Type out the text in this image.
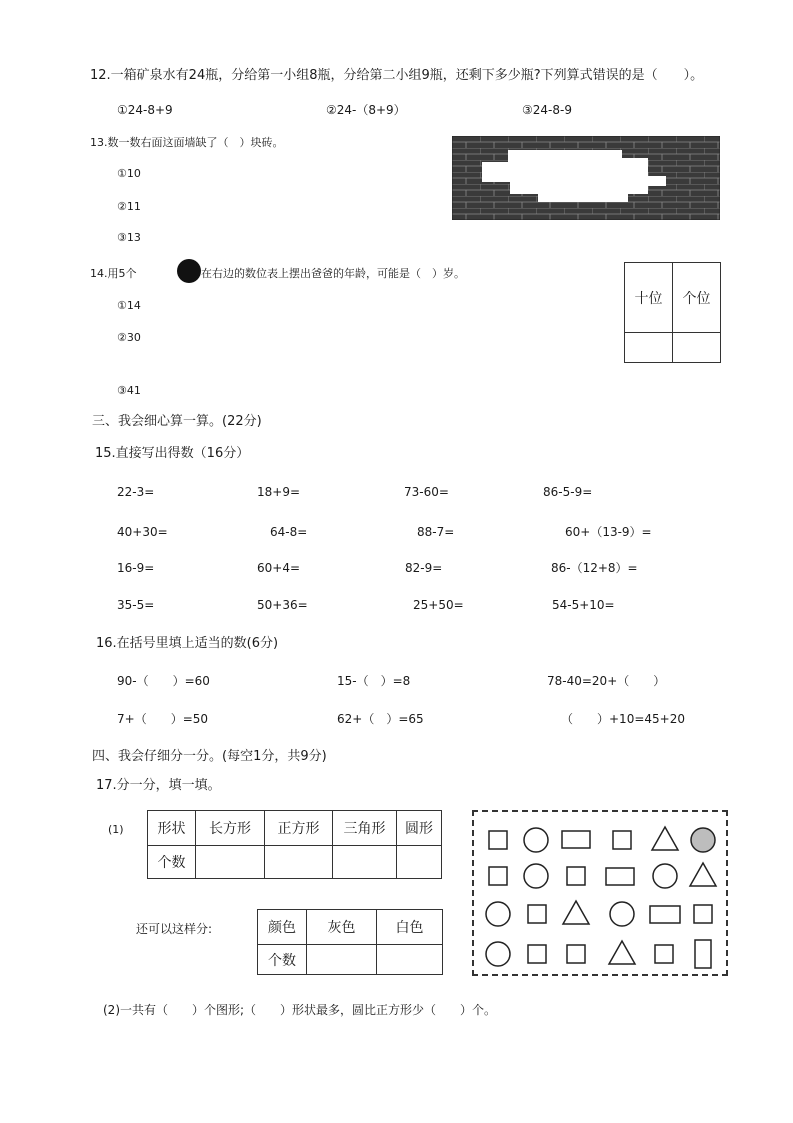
12.一箱矿泉水有24瓶，分给第一小组8瓶，分给第二小组9瓶，还剩下多少瓶?下列算式错误的是（　　）。
①24-8+9	②24-（8+9）	③24-8-9
13.数一数右面这面墙缺了（　）块砖。
①10
②11
③13
14.用5个	在右边的数位表上摆出爸爸的年龄，可能是（　）岁。
①14
②30
③41
十位	个位

三、我会细心算一算。(22分)
15.直接写出得数（16分）
22-3=	18+9=	73-60=	86-5-9=
40+30=	64-8=	88-7=	60+（13-9）=
16-9=	60+4=	82-9=	86-（12+8）=
35-5=	50+36=	25+50=	54-5+10=
16.在括号里填上适当的数(6分)
90-（　　）=60	15-（　）=8	78-40=20+（　　）
7+（　　）=50	62+（　）=65	（　　）+10=45+20
四、我会仔细分一分。(每空1分，共9分)
17.分一分，填一填。
(1) 形状	长方形	正方形	三角形	圆形
个数				
还可以这样分:	颜色	灰色	白色
个数		
(2)一共有（　　）个图形;（　　）形状最多，圆比正方形少（　　）个。
